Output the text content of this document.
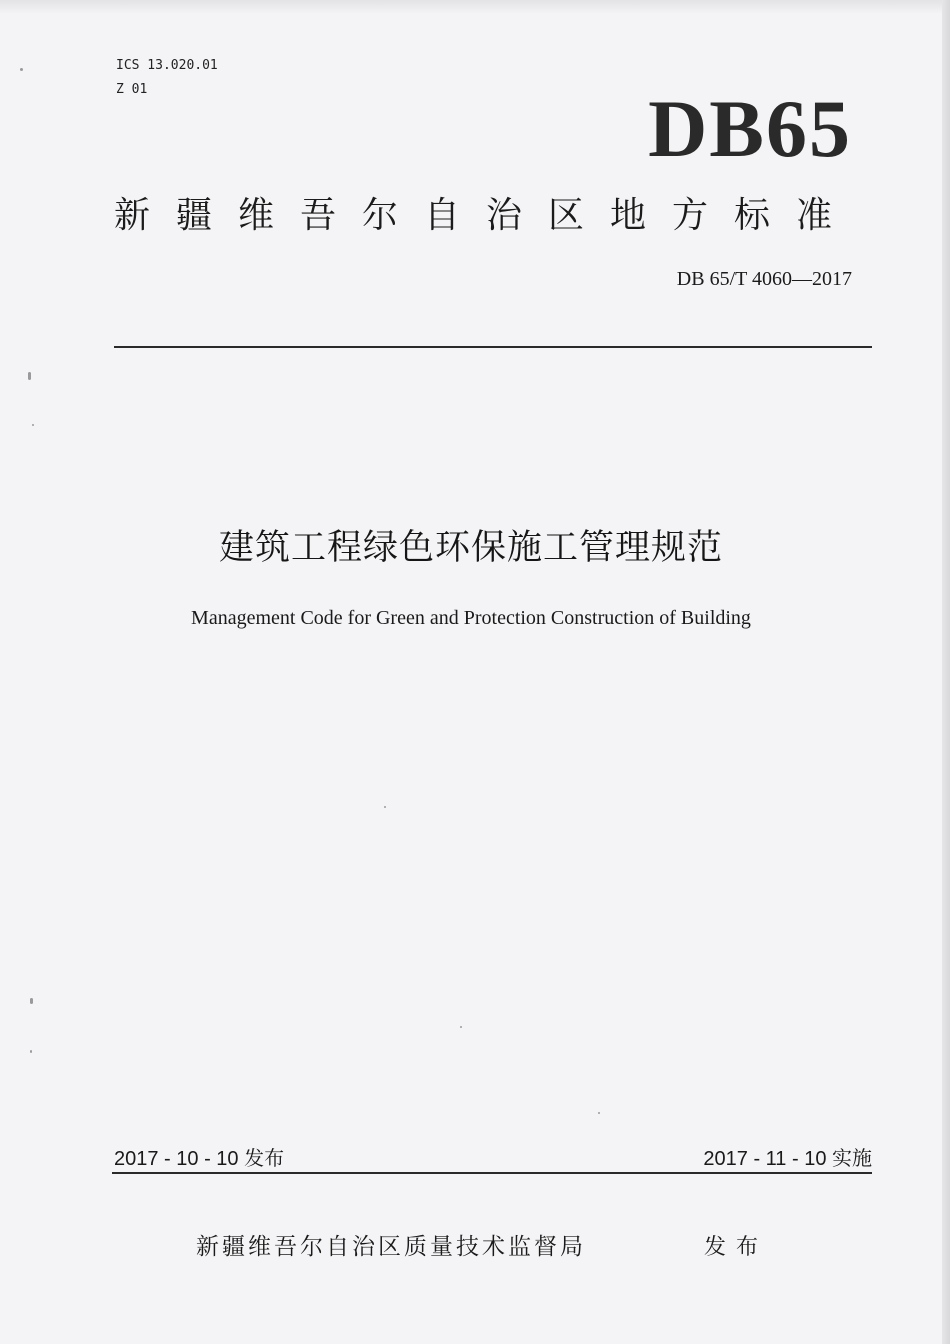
ICS 13.020.01
Z 01	DB65
新疆维吾尔自治区地方标准
DB 65/T 4060—2017
建筑工程绿色环保施工管理规范
Management Code for Green and Protection Construction of Building
2017 - 10 - 10 发布	2017 - 11 - 10 实施
新疆维吾尔自治区质量技术监督局	发布
